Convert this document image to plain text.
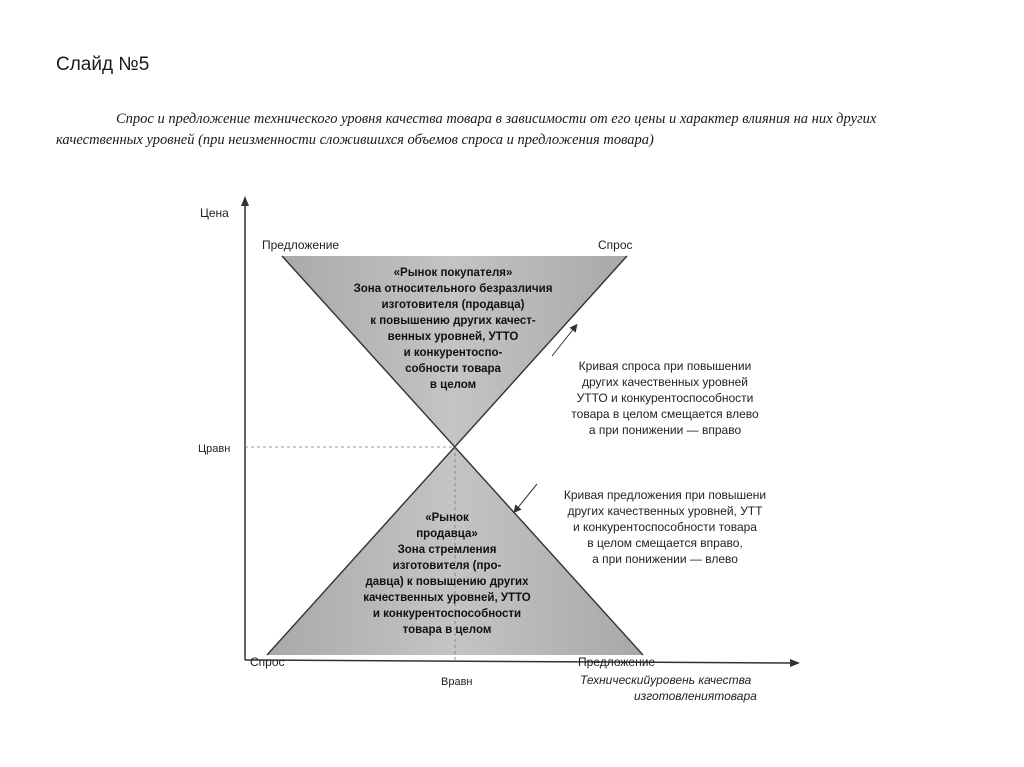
Слайд №5

Спрос и предложение технического уровня качества товара в зависимости от его цены и характер влияния на них других качественных уровней (при неизменности сложившихся объемов спроса и предложения товара)

Цена
Цравн
Вравн	Техническийуровень качества
изготовлениятовара
Предложение	Спрос
Спрос	Предложение
«Рынок покупателя»
Зона относительного безразличия
изготовителя (продавца)
к повышению других качест-
венных уровней, УТТО
и конкурентоспо-
собности товара
в целом
«Рынок
продавца»
Зона стремления
изготовителя (про-
давца) к повышению других
качественных уровней, УТТО
и конкурентоспособности
товара в целом
Кривая спроса при повышении
других качественных уровней
УТТО и конкурентоспособности
товара в целом смещается влево
а при понижении — вправо
Кривая предложения при повышени
других качественных уровней, УТТ
и конкурентоспособности товара
в целом смещается вправо,
а при понижении — влево
